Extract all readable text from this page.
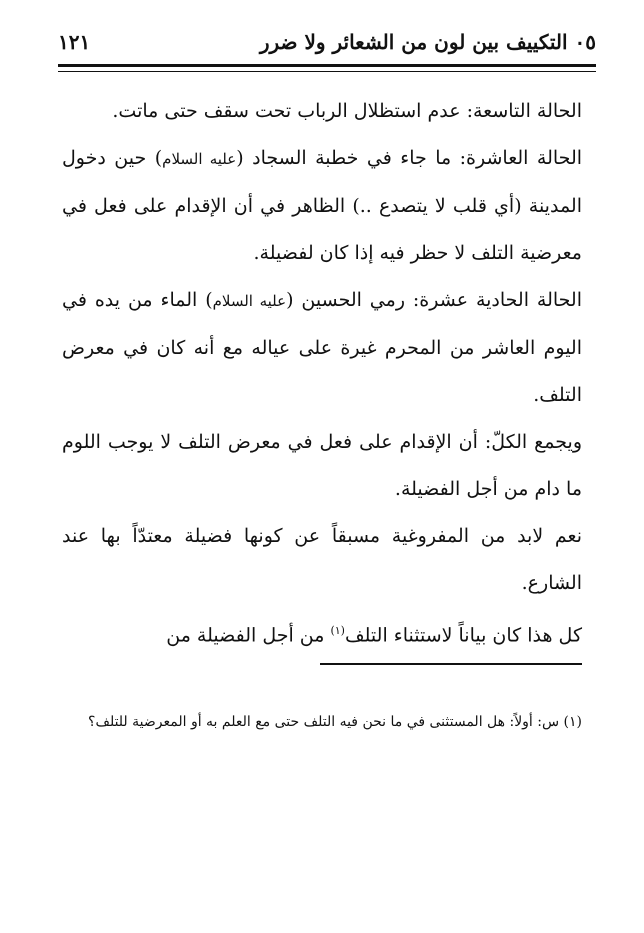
٠٥ التكييف بين لون من الشعائر ولا ضرر
١٢١

الحالة التاسعة: عدم استظلال الرباب تحت سقف حتى ماتت.

الحالة العاشرة: ما جاء في خطبة السجاد (عليه السلام) حين دخول المدينة (أي قلب لا يتصدع ..) الظاهر في أن الإقدام على فعل في معرضية التلف لا حظر فيه إذا كان لفضيلة.

الحالة الحادية عشرة: رمي الحسين (عليه السلام) الماء من يده في اليوم العاشر من المحرم غيرة على عياله مع أنه كان في معرض التلف.

ويجمع الكلّ: أن الإقدام على فعل في معرض التلف لا يوجب اللوم ما دام من أجل الفضيلة.

نعم لابد من المفروغية مسبقاً عن كونها فضيلة معتدّاً بها عند الشارع.

كل هذا كان بياناً لاستثناء التلف$^{(١)}$ من أجل الفضيلة من

(١) س: أولاً: هل المستثنى في ما نحن فيه التلف حتى مع العلم به أو المعرضية للتلف؟
